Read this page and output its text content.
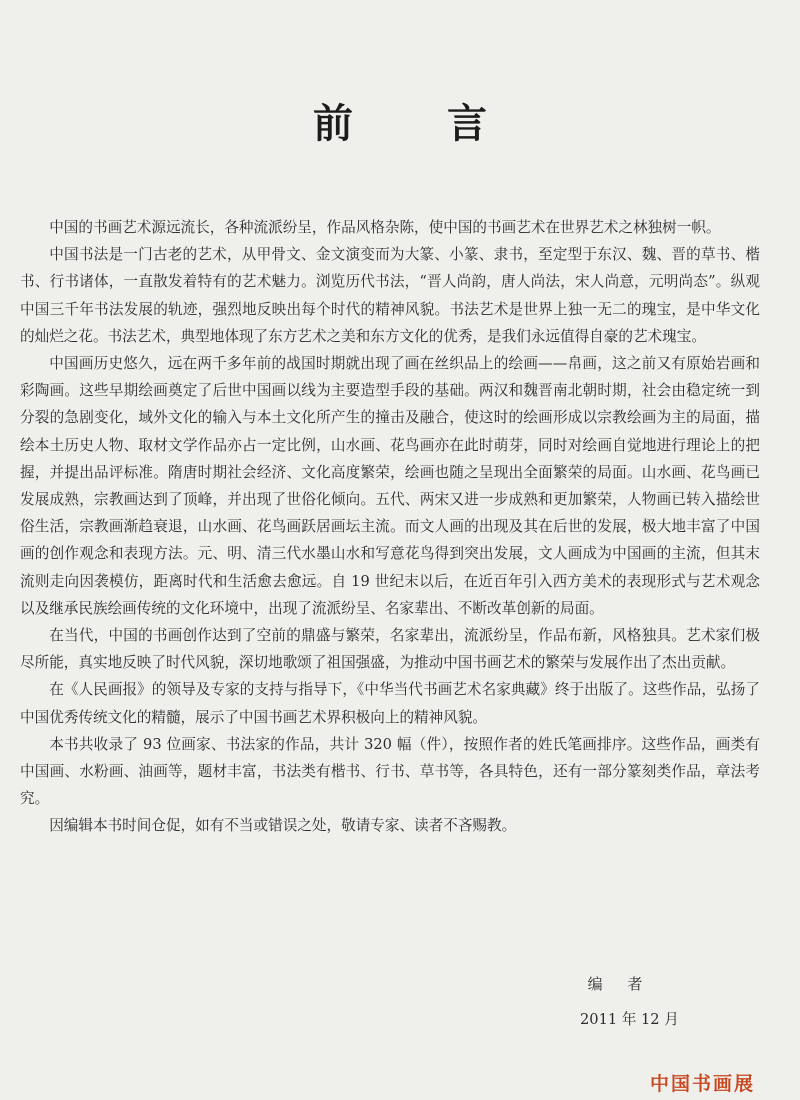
前 言

中国的书画艺术源远流长，各种流派纷呈，作品风格杂陈，使中国的书画艺术在世界艺术之林独树一帜。

中国书法是一门古老的艺术，从甲骨文、金文演变而为大篆、小篆、隶书，至定型于东汉、魏、晋的草书、楷书、行书诸体，一直散发着特有的艺术魅力。浏览历代书法，“晋人尚韵，唐人尚法，宋人尚意，元明尚态”。纵观中国三千年书法发展的轨迹，强烈地反映出每个时代的精神风貌。书法艺术是世界上独一无二的瑰宝，是中华文化的灿烂之花。书法艺术，典型地体现了东方艺术之美和东方文化的优秀，是我们永远值得自豪的艺术瑰宝。

中国画历史悠久，远在两千多年前的战国时期就出现了画在丝织品上的绘画——帛画，这之前又有原始岩画和彩陶画。这些早期绘画奠定了后世中国画以线为主要造型手段的基础。两汉和魏晋南北朝时期，社会由稳定统一到分裂的急剧变化，域外文化的输入与本土文化所产生的撞击及融合，使这时的绘画形成以宗教绘画为主的局面，描绘本土历史人物、取材文学作品亦占一定比例，山水画、花鸟画亦在此时萌芽，同时对绘画自觉地进行理论上的把握，并提出品评标准。隋唐时期社会经济、文化高度繁荣，绘画也随之呈现出全面繁荣的局面。山水画、花鸟画已发展成熟，宗教画达到了顶峰，并出现了世俗化倾向。五代、两宋又进一步成熟和更加繁荣，人物画已转入描绘世俗生活，宗教画渐趋衰退，山水画、花鸟画跃居画坛主流。而文人画的出现及其在后世的发展，极大地丰富了中国画的创作观念和表现方法。元、明、清三代水墨山水和写意花鸟得到突出发展，文人画成为中国画的主流，但其末流则走向因袭模仿，距离时代和生活愈去愈远。自 19 世纪末以后，在近百年引入西方美术的表现形式与艺术观念以及继承民族绘画传统的文化环境中，出现了流派纷呈、名家辈出、不断改革创新的局面。

在当代，中国的书画创作达到了空前的鼎盛与繁荣，名家辈出，流派纷呈，作品布新，风格独具。艺术家们极尽所能，真实地反映了时代风貌，深切地歌颂了祖国强盛，为推动中国书画艺术的繁荣与发展作出了杰出贡献。

在《人民画报》的领导及专家的支持与指导下，《中华当代书画艺术名家典藏》终于出版了。这些作品，弘扬了中国优秀传统文化的精髓，展示了中国书画艺术界积极向上的精神风貌。

本书共收录了 93 位画家、书法家的作品，共计 320 幅（件），按照作者的姓氏笔画排序。这些作品，画类有中国画、水粉画、油画等，题材丰富，书法类有楷书、行书、草书等，各具特色，还有一部分篆刻类作品，章法考究。

因编辑本书时间仓促，如有不当或错误之处，敬请专家、读者不吝赐教。

编 者
2011 年 12 月
中国书画展
